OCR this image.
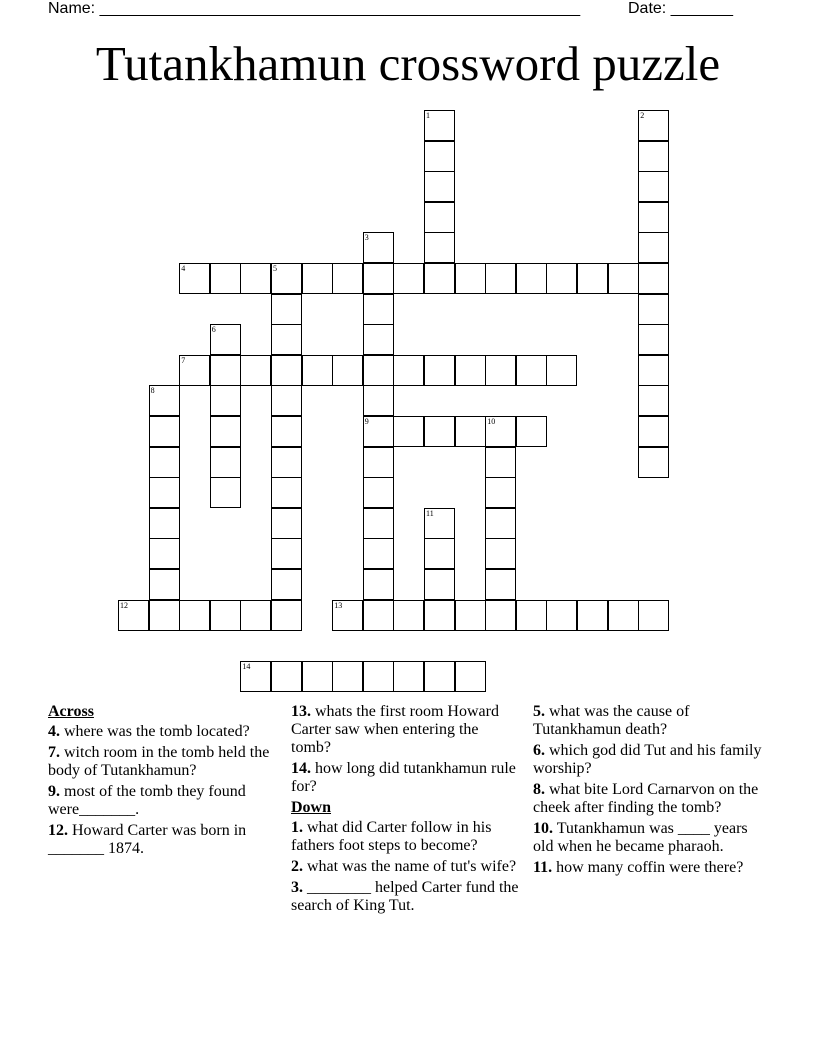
Name: ______________________________________________________	Date: _______
Tutankhamun crossword puzzle
1	2
3
9
4	5
6
7
8
10
11
12	13
14
Across
4. where was the tomb located?
7. witch room in the tomb held the body of Tutankhamun?
9. most of the tomb they found were_______.
12. Howard Carter was born in _______ 1874.
13. whats the first room Howard Carter saw when entering the tomb?
14. how long did tutankhamun rule for?
Down
1. what did Carter follow in his fathers foot steps to become?
2. what was the name of tut's wife?
3. ________ helped Carter fund the search of King Tut.
5. what was the cause of Tutankhamun death?
6. which god did Tut and his family worship?
8. what bite Lord Carnarvon on the cheek after finding the tomb?
10. Tutankhamun was ____ years old when he became pharaoh.
11. how many coffin were there?
